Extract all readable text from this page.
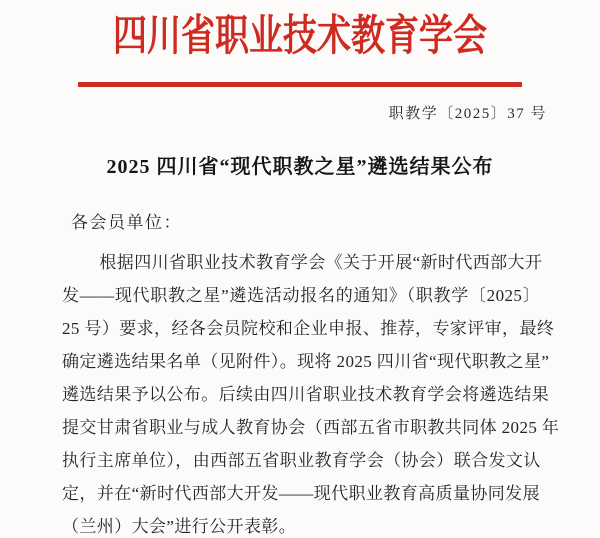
四川省职业技术教育学会
职教学〔2025〕37 号
2025 四川省“现代职教之星”遴选结果公布
各会员单位：
根据四川省职业技术教育学会《关于开展“新时代西部大开
发——现代职教之星”遴选活动报名的通知》（职教学〔2025〕
25 号）要求，经各会员院校和企业申报、推荐，专家评审，最终
确定遴选结果名单（见附件）。现将 2025 四川省“现代职教之星”
遴选结果予以公布。后续由四川省职业技术教育学会将遴选结果
提交甘肃省职业与成人教育协会（西部五省市职教共同体 2025 年
执行主席单位），由西部五省职业教育学会（协会）联合发文认
定，并在“新时代西部大开发——现代职业教育高质量协同发展
（兰州）大会”进行公开表彰。
